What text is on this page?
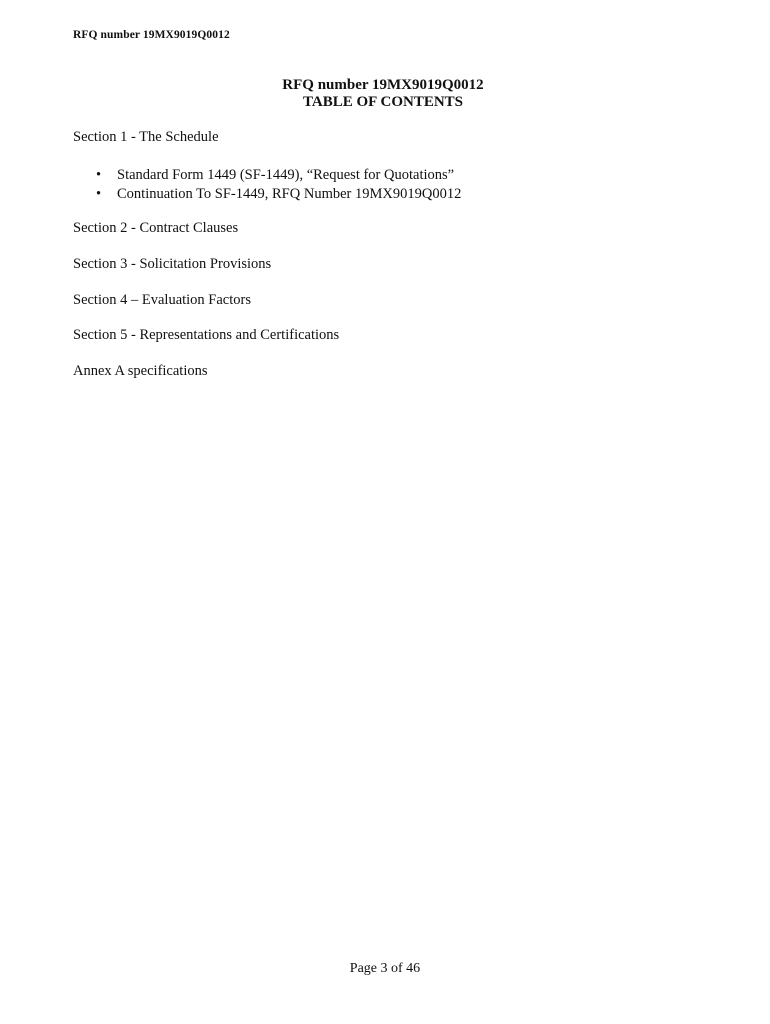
RFQ number 19MX9019Q0012
RFQ number 19MX9019Q0012
TABLE OF CONTENTS
Section 1 - The Schedule
• Standard Form 1449 (SF-1449), “Request for Quotations”
• Continuation To SF-1449, RFQ Number 19MX9019Q0012
Section 2 - Contract Clauses
Section 3 - Solicitation Provisions
Section 4 – Evaluation Factors
Section 5 - Representations and Certifications
Annex A specifications
Page 3 of 46
